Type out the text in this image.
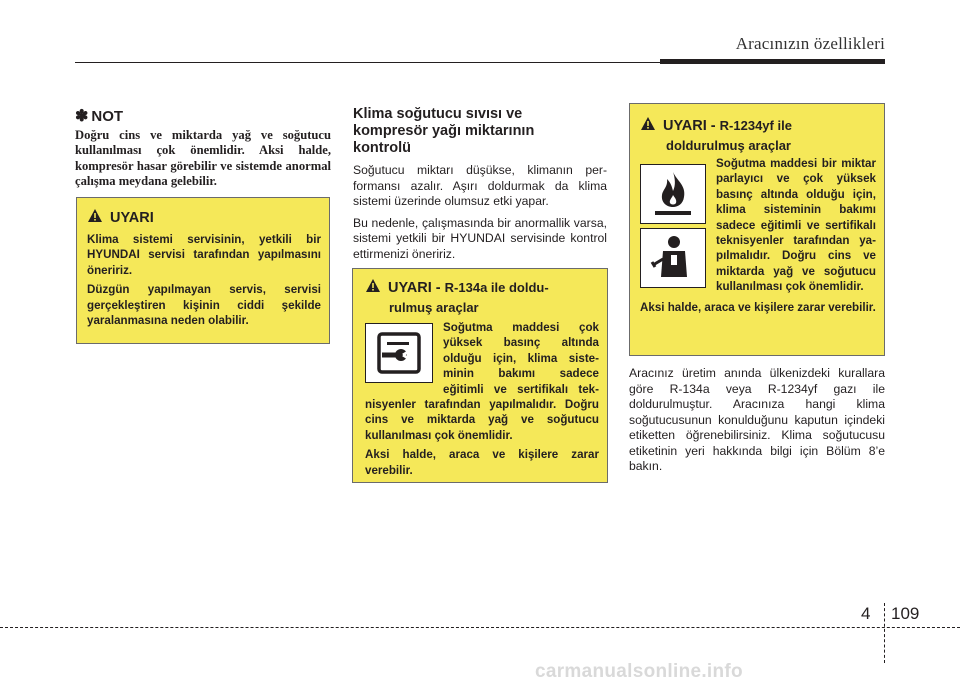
Aracınızın özellikleri
✽ NOT
Doğru cins ve miktarda yağ ve soğutucu kullanılması çok önemlidir. Aksi halde, kompresör hasar görebilir ve sistemde anormal çalışma meydana gelebilir.
UYARI

Klima sistemi servisinin, yetkili bir HYUNDAI servisi tarafından yapılmasını öneririz.

Düzgün yapılmayan servis, servisi gerçekleştiren kişinin ciddi şekilde yaralanmasına neden olabilir.

Klima soğutucu sıvısı ve kompresör yağı miktarının kontrolü

Soğutucu miktarı düşükse, klimanın performansı azalır. Aşırı doldurmak da klima sistemi üzerinde olumsuz etki yapar.

Bu nedenle, çalışmasında bir anormallik varsa, sistemi yetkili bir HYUNDAI servisinde kontrol ettirmenizi öneririz.

UYARI - R-134a ile doldu-
rulmuş araçlar

Soğutma maddesi çok yüksek basınç altında olduğu için, klima sisteminin bakımı sadece eğitimli ve sertifikalı teknisyenler tarafından yapılmalıdır. Doğru cins ve miktarda yağ ve soğutucu kullanılması çok önemlidir.

Aksi halde, araca ve kişilere zarar verebilir.

UYARI - R-1234yf ile
doldurulmuş araçlar

Soğutma maddesi bir miktar parlayıcı ve çok yüksek basınç altında olduğu için, klima sisteminin bakımı sadece eğitimli ve sertifikalı teknisyenler tarafından yapılmalıdır. Doğru cins ve miktarda yağ ve soğutucu kullanılması çok önemlidir.

Aksi halde, araca ve kişilere zarar verebilir.

Aracınız üretim anında ülkenizdeki kurallara göre R-134a veya R-1234yf gazı ile doldurulmuştur. Aracınıza hangi klima soğutucusunun konulduğunu kaputun içindeki etiketten öğrenebilirsiniz. Klima soğutucusu etiketinin yeri hakkında bilgi için Bölüm 8’e bakın.
4 109
carmanualsonline.info
